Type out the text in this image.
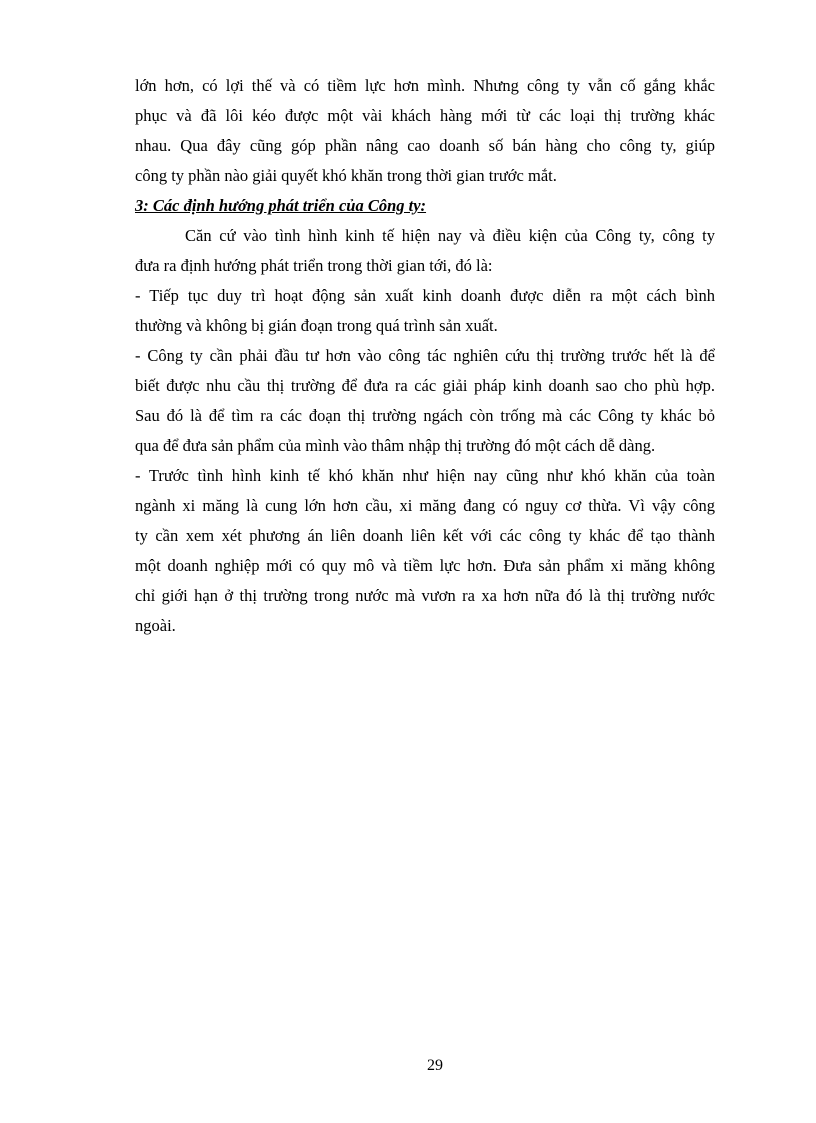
lớn hơn, có lợi thế và có tiềm lực hơn mình. Nhưng công ty vẫn cố gắng khắc
phục và đã lôi kéo được một vài khách hàng mới từ các loại thị trường khác
nhau. Qua đây cũng góp phần nâng cao doanh số bán hàng cho công ty, giúp
công ty phần nào giải quyết khó khăn trong thời gian trước mắt.
3: Các định hướng phát triển của Công ty:
Căn cứ vào tình hình kinh tế hiện nay và điều kiện của Công ty, công ty
đưa ra định hướng phát triển trong thời gian tới, đó là:
- Tiếp tục duy trì hoạt động sản xuất kinh doanh được diễn ra một cách bình
thường và không bị gián đoạn trong quá trình sản xuất.
- Công ty cần phải đầu tư hơn vào công tác nghiên cứu thị trường trước hết là để
biết được nhu cầu thị trường để đưa ra các giải pháp kinh doanh sao cho phù hợp.
Sau đó là để tìm ra các đoạn thị trường ngách còn trống mà các Công ty khác bỏ
qua để đưa sản phẩm của mình vào thâm nhập thị trường đó một cách dễ dàng.
- Trước tình hình kinh tế khó khăn như hiện nay cũng như khó khăn của toàn
ngành xi măng là cung lớn hơn cầu, xi măng đang có nguy cơ thừa. Vì vậy công
ty cần xem xét phương án liên doanh liên kết với các công ty khác để tạo thành
một doanh nghiệp mới có quy mô và tiềm lực hơn. Đưa sản phẩm xi măng không
chỉ giới hạn ở thị trường trong nước mà vươn ra xa hơn nữa đó là thị trường nước
ngoài.
29
